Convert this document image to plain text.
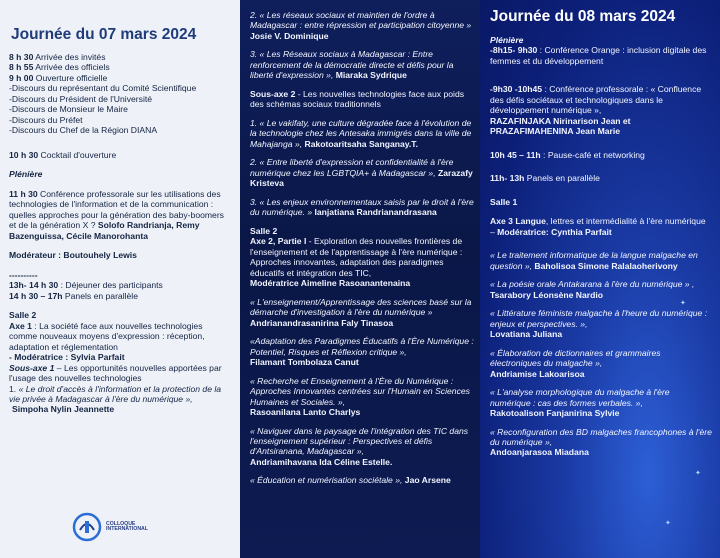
Journée du 07 mars 2024
8 h 30 Arrivée des invités
8 h 55 Arrivée des officiels
9 h 00 Ouverture officielle
-Discours du représentant du Comité Scientifique
-Discours du Président de l'Université
-Discours de Monsieur le Maire
-Discours du Préfet
-Discours du Chef de la Région DIANA
10 h 30 Cocktail d'ouverture
Plénière
11 h 30 Conférence professorale sur les utilisations des technologies de l'information et de la communication : quelles approches pour la génération des baby-boomers et de la génération X ? Solofo Randrianja, Remy Bazenguissa, Cécile Manorohanta
Modérateur : Boutouhely Lewis
----------
13h- 14 h 30 : Déjeuner des participants
14 h 30 – 17h Panels en parallèle
Salle 2
Axe 1 : La société face aux nouvelles technologies comme nouveaux moyens d'expression : réception, adaptation et réglementation
- Modératrice : Sylvia Parfait
Sous-axe 1 – Les opportunités nouvelles apportées par l'usage des nouvelles technologies
1. « Le droit d'accès à l'information et la protection de la vie privée à Madagascar à l'ère du numérique »,
Simpoha Nylin Jeannette
COLLOQUE
INTERNATIONAL
2. « Les réseaux sociaux et maintien de l'ordre à Madagascar : entre répression et participation citoyenne » Josie V. Dominique
3. « Les Réseaux sociaux à Madagascar : Entre renforcement de la démocratie directe et défis pour la liberté d'expression », Miaraka Sydrique
Sous-axe 2 - Les nouvelles technologies face aux poids des schémas sociaux traditionnels
1. « Le vakifaty, une culture dégradée face à l'évolution de la technologie chez les Antesaka immigrés dans la ville de Mahajanga », Rakotoaritsaha Sanganay.T.
2. « Entre liberté d'expression et confidentialité à l'ère numérique chez les LGBTQIA+ à Madagascar », Zarazafy Kristeva
3. « Les enjeux environnementaux saisis par le droit à l'ère du numérique. » Ianjatiana Randrianandrasana
Salle 2
Axe 2, Partie I - Exploration des nouvelles frontières de l'enseignement et de l'apprentissage à l'ère numérique : Approches innovantes, adaptation des paradigmes éducatifs et intégration des TIC,
Modératrice Aimeline Rasoanantenaina
« L'enseignement/Apprentissage des sciences basé sur la démarche d'investigation à l'ère du numérique »
Andrianandrasanirina Faly Tinasoa
«Adaptation des Paradigmes Éducatifs à l'Ère Numérique : Potentiel, Risques et Réflexion critique »,
Filamant Tombolaza Canut
« Recherche et Enseignement à l'Ère du Numérique : Approches Innovantes centrées sur l'Humain en Sciences Humaines et Sociales. »,
Rasoanilana Lanto Charlys
« Naviguer dans le paysage de l'intégration des TIC dans l'enseignement supérieur : Perspectives et défis d'Antsiranana, Madagascar »,
Andriamihavana Ida Céline Estelle.
« Éducation et numérisation sociétale », Jao Arsene
Journée du 08 mars 2024
Plénière
-8h15- 9h30 : Conférence Orange : inclusion digitale des femmes et du développement
-9h30 -10h45 : Conférence professorale : « Confluence des défis sociétaux et technologiques dans le développement numérique »,
RAZAFINJAKA Nirinarison Jean et PRAZAFIMAHENINA Jean Marie
10h 45 – 11h : Pause-café et networking
11h- 13h Panels en parallèle
Salle 1
Axe 3 Langue, lettres et intermédialité à l'ère numérique – Modératrice: Cynthia Parfait
« Le traitement informatique de la langue malgache en question », Baholisoa Simone Ralalaoherivony
« La poésie orale Antakarana à l'ère du numérique » ,
Tsarabory Léonsène Nardio
« Littérature féministe malgache à l'heure du numérique : enjeux et perspectives. »,
Lovatiana Juliana
« Élaboration de dictionnaires et grammaires électroniques du malgache »,
Andriamise Lakoarisoa
« L'analyse morphologique du malgache à l'ère numérique : cas des formes verbales. »,
Rakotoalison Fanjanirina Sylvie
« Reconfiguration des BD malgaches francophones à l'ère du numérique »,
Andoanjarasoa Miadana
✦
✦
✦
